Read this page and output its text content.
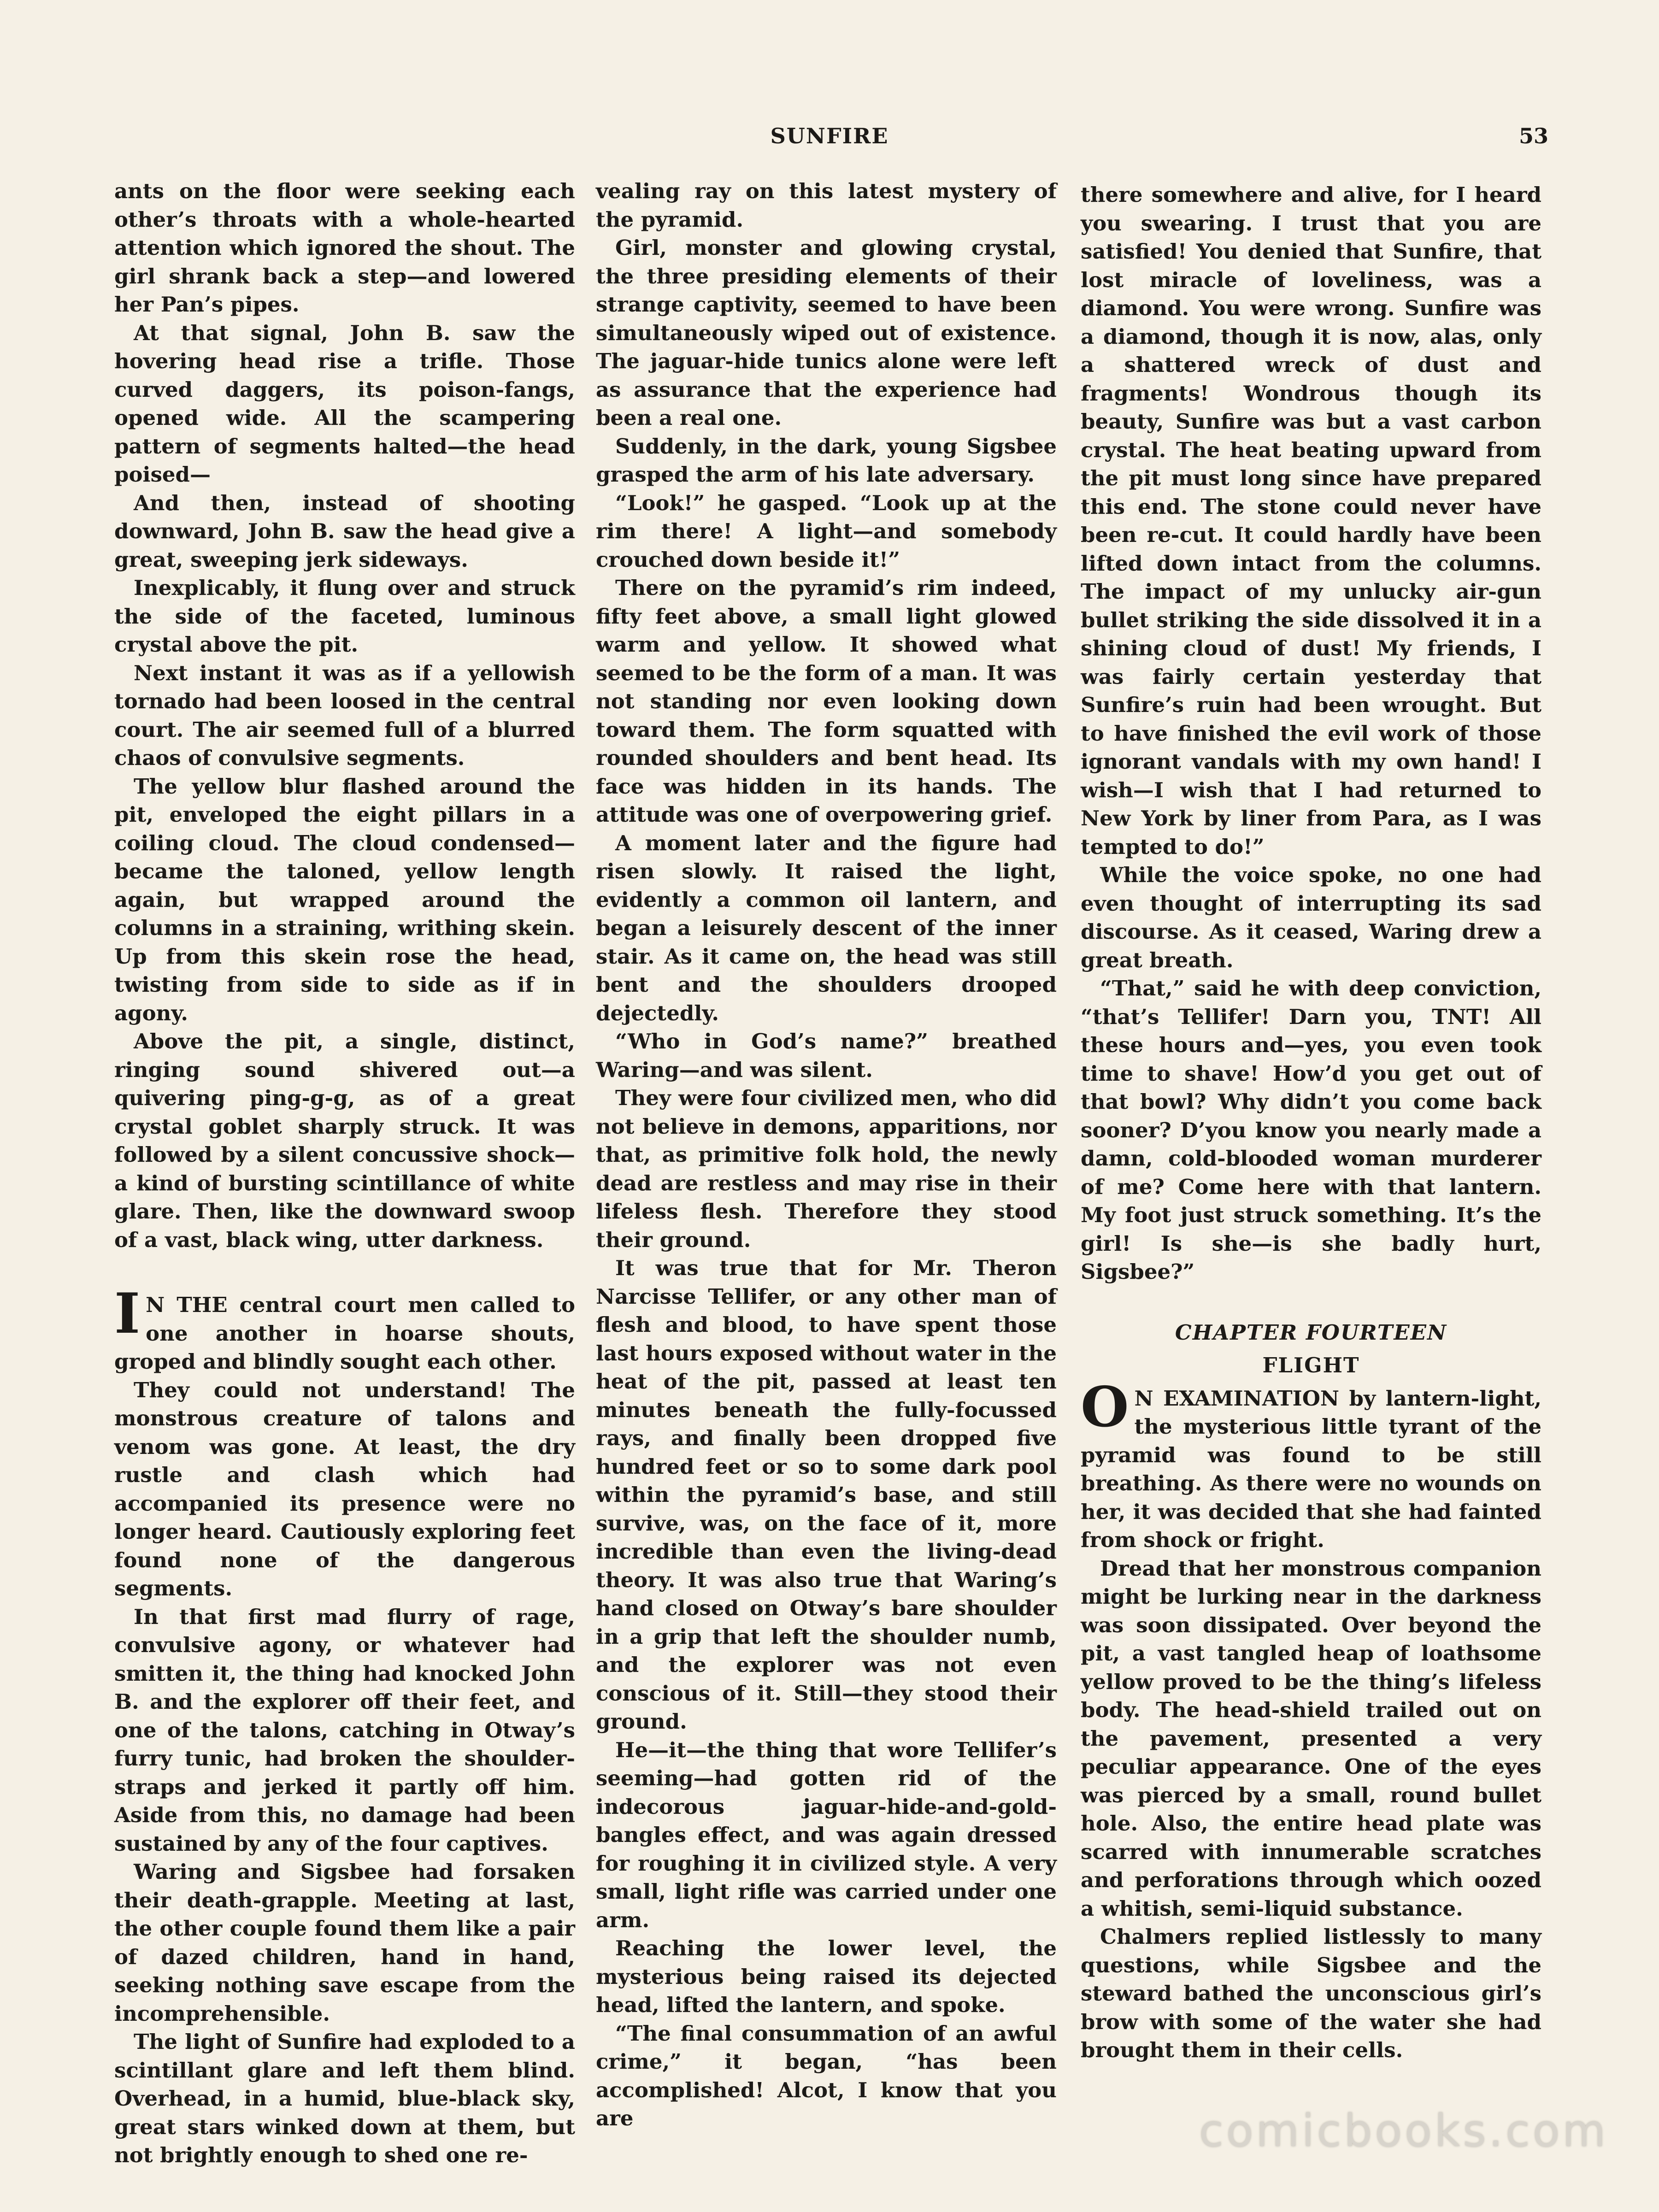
SUNFIRE	53

ants on the floor were seeking each other’s throats with a whole-hearted attention which ignored the shout. The girl shrank back a step—and lowered her Pan’s pipes.

At that signal, John B. saw the hovering head rise a trifle. Those curved daggers, its poison-fangs, opened wide. All the scampering pattern of segments halted—the head poised—

And then, instead of shooting downward, John B. saw the head give a great, sweeping jerk sideways.

Inexplicably, it flung over and struck the side of the faceted, luminous crystal above the pit.

Next instant it was as if a yellowish tornado had been loosed in the central court. The air seemed full of a blurred chaos of convulsive segments.

The yellow blur flashed around the pit, enveloped the eight pillars in a coiling cloud. The cloud condensed—became the taloned, yellow length again, but wrapped around the columns in a straining, writhing skein. Up from this skein rose the head, twisting from side to side as if in agony.

Above the pit, a single, distinct, ringing sound shivered out—a quivering ping-g-g, as of a great crystal goblet sharply struck. It was followed by a silent concussive shock—a kind of bursting scintillance of white glare. Then, like the downward swoop of a vast, black wing, utter darkness.

I N THE central court men called to one another in hoarse shouts, groped and blindly sought each other.

They could not understand! The monstrous creature of talons and venom was gone. At least, the dry rustle and clash which had accompanied its presence were no longer heard. Cautiously exploring feet found none of the dangerous segments.

In that first mad flurry of rage, convulsive agony, or whatever had smitten it, the thing had knocked John B. and the explorer off their feet, and one of the talons, catching in Otway’s furry tunic, had broken the shoulder-straps and jerked it partly off him. Aside from this, no damage had been sustained by any of the four captives.

Waring and Sigsbee had forsaken their death-grapple. Meeting at last, the other couple found them like a pair of dazed children, hand in hand, seeking nothing save escape from the incomprehensible.

The light of Sunfire had exploded to a scintillant glare and left them blind. Overhead, in a humid, blue-black sky, great stars winked down at them, but not brightly enough to shed one re-

vealing ray on this latest mystery of the pyramid.

Girl, monster and glowing crystal, the three presiding elements of their strange captivity, seemed to have been simultaneously wiped out of existence. The jaguar-hide tunics alone were left as assurance that the experience had been a real one.

Suddenly, in the dark, young Sigsbee grasped the arm of his late adversary.

“Look!” he gasped. “Look up at the rim there! A light—and somebody crouched down beside it!”

There on the pyramid’s rim indeed, fifty feet above, a small light glowed warm and yellow. It showed what seemed to be the form of a man. It was not standing nor even looking down toward them. The form squatted with rounded shoulders and bent head. Its face was hidden in its hands. The attitude was one of overpowering grief.

A moment later and the figure had risen slowly. It raised the light, evidently a common oil lantern, and began a leisurely descent of the inner stair. As it came on, the head was still bent and the shoulders drooped dejectedly.

“Who in God’s name?” breathed Waring—and was silent.

They were four civilized men, who did not believe in demons, apparitions, nor that, as primitive folk hold, the newly dead are restless and may rise in their lifeless flesh. Therefore they stood their ground.

It was true that for Mr. Theron Narcisse Tellifer, or any other man of flesh and blood, to have spent those last hours exposed without water in the heat of the pit, passed at least ten minutes beneath the fully-focussed rays, and finally been dropped five hundred feet or so to some dark pool within the pyramid’s base, and still survive, was, on the face of it, more incredible than even the living-dead theory. It was also true that Waring’s hand closed on Otway’s bare shoulder in a grip that left the shoulder numb, and the explorer was not even conscious of it. Still—they stood their ground.

He—it—the thing that wore Tellifer’s seeming—had gotten rid of the indecorous jaguar-hide-and-gold-bangles effect, and was again dressed for roughing it in civilized style. A very small, light rifle was carried under one arm.

Reaching the lower level, the mysterious being raised its dejected head, lifted the lantern, and spoke.

“The final consummation of an awful crime,” it began, “has been accomplished! Alcot, I know that you are

there somewhere and alive, for I heard you swearing. I trust that you are satisfied! You denied that Sunfire, that lost miracle of loveliness, was a diamond. You were wrong. Sunfire was a diamond, though it is now, alas, only a shattered wreck of dust and fragments! Wondrous though its beauty, Sunfire was but a vast carbon crystal. The heat beating upward from the pit must long since have prepared this end. The stone could never have been re-cut. It could hardly have been lifted down intact from the columns. The impact of my unlucky air-gun bullet striking the side dissolved it in a shining cloud of dust! My friends, I was fairly certain yesterday that Sunfire’s ruin had been wrought. But to have finished the evil work of those ignorant vandals with my own hand! I wish—I wish that I had returned to New York by liner from Para, as I was tempted to do!”

While the voice spoke, no one had even thought of interrupting its sad discourse. As it ceased, Waring drew a great breath.

“That,” said he with deep conviction, “that’s Tellifer! Darn you, TNT! All these hours and—yes, you even took time to shave! How’d you get out of that bowl? Why didn’t you come back sooner? D’you know you nearly made a damn, cold-blooded woman murderer of me? Come here with that lantern. My foot just struck something. It’s the girl! Is she—is she badly hurt, Sigsbee?”

CHAPTER FOURTEEN
FLIGHT

O N EXAMINATION by lantern-light, the mysterious little tyrant of the pyramid was found to be still breathing. As there were no wounds on her, it was decided that she had fainted from shock or fright.

Dread that her monstrous companion might be lurking near in the darkness was soon dissipated. Over beyond the pit, a vast tangled heap of loathsome yellow proved to be the thing’s lifeless body. The head-shield trailed out on the pavement, presented a very peculiar appearance. One of the eyes was pierced by a small, round bullet hole. Also, the entire head plate was scarred with innumerable scratches and perforations through which oozed a whitish, semi-liquid substance.

Chalmers replied listlessly to many questions, while Sigsbee and the steward bathed the unconscious girl’s brow with some of the water she had brought them in their cells.

comicbooks.com
